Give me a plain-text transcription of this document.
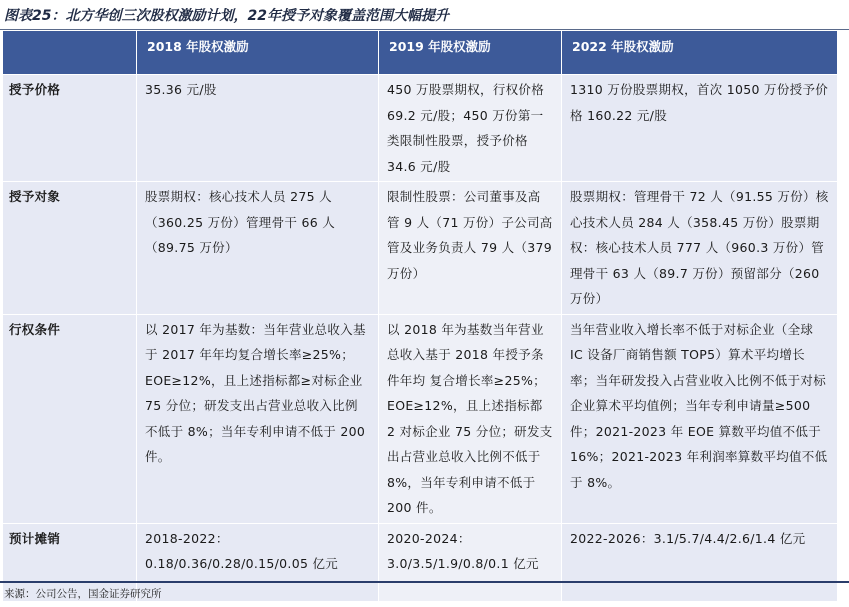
图表25：北方华创三次股权激励计划，22年授予对象覆盖范围大幅提升
	2018 年股权激励	2019 年股权激励	2022 年股权激励
授予价格	35.36 元/股	450 万股票期权，行权价格 69.2 元/股；450 万份第一类限制性股票，授予价格 34.6 元/股	1310 万份股票期权，首次 1050 万份授予价格 160.22 元/股
授予对象	股票期权：核心技术人员 275 人（360.25 万份）管理骨干 66 人（89.75 万份）	限制性股票：公司董事及高管 9 人（71 万份）子公司高管及业务负责人 79 人（379 万份）	股票期权：管理骨干 72 人（91.55 万份）核心技术人员 284 人（358.45 万份）股票期权：核心技术人员 777 人（960.3 万份）管理骨干 63 人（89.7 万份）预留部分（260 万份）
行权条件	以 2017 年为基数：当年营业总收入基于 2017 年年均复合增长率≥25%；EOE≥12%，且上述指标都≥对标企业 75 分位；研发支出占营业总收入比例不低于 8%；当年专利申请不低于 200 件。	以 2018 年为基数当年营业总收入基于 2018 年授予条件年均 复合增长率≥25%；EOE≥12%，且上述指标都 2 对标企业 75 分位；研发支出占营业总收入比例不低于 8%，当年专利申请不低于 200 件。	当年营业收入增长率不低于对标企业（全球 IC 设备厂商销售额 TOP5）算术平均增长率；当年研发投入占营业收入比例不低于对标企业算术平均值例；当年专利申请量≥500 件；2021-2023 年 EOE 算数平均值不低于 16%；2021-2023 年利润率算数平均值不低于 8%。
预计摊销	2018-2022：0.18/0.36/0.28/0.15/0.05 亿元	2020-2024：3.0/3.5/1.9/0.8/0.1 亿元	2022-2026：3.1/5.7/4.4/2.6/1.4 亿元
来源：公司公告，国金证券研究所
